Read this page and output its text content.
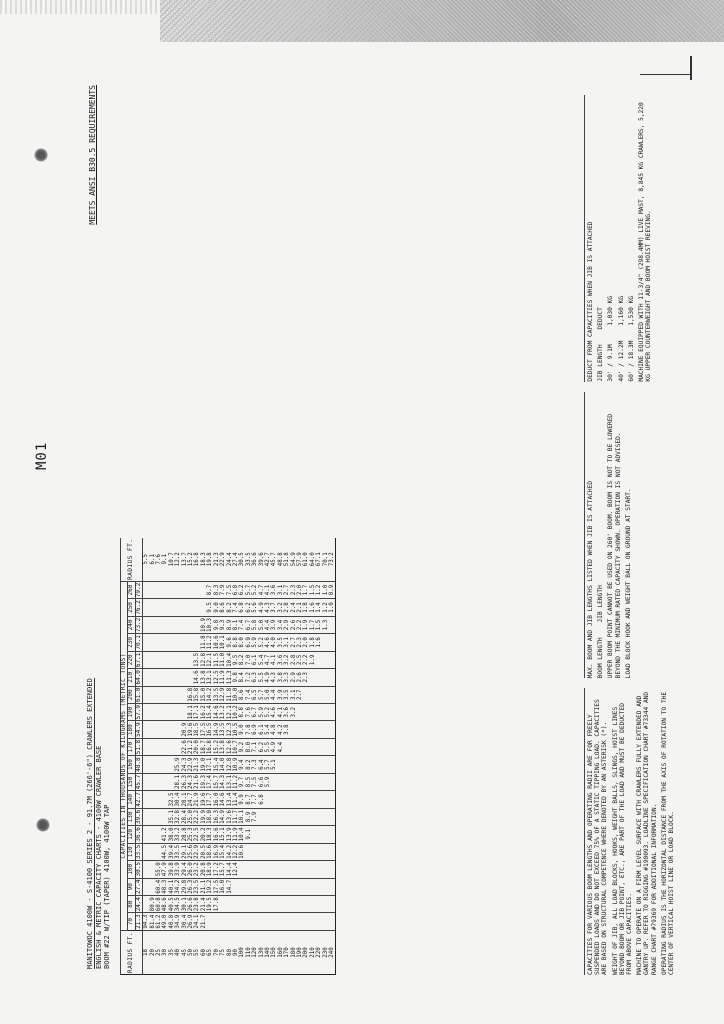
M01
MANITOWOC 4100W - S-4100 SERIES 2 - 91.7M (266'-6") CRAWLERS EXTENDED ENGLISH & METRIC CAPACITY CHARTS - 4100W CRAWLER BASE BOOM #22 W/TIP (TAPER) 4100W, 4100W TAP
MEETS ANSI B30.5 REQUIREMENTS
RADIUS FT.	CAPACITIES IN THOUSANDS OF KILOGRAMS (METRIC TONS)																				RADIUS FT.
	70	80	90	100	110	120	130	140	150	160	170	180	190	200	210	220	230	240	250	260	
	21.3	24.4	27.4	30.5	33.5	36.6	39.6	42.7	45.7	48.8	51.8	54.9	57.9	61.0	64.0	67.1	70.1	73.2	76.2	79.2	
18	94.3																				5.5
20	81.4	80.9																			6.1
25	61.2	60.8	60.4	55.0																	7.6
30	49.0	48.6	48.3	47.9	44.5	41.2															9.1
35	40.8	40.5	40.1	39.8	39.4	38.0	35.1	32.5													10.7
40	34.9	34.5	34.2	33.9	33.5	33.2	32.8	30.4	28.1	25.9											12.2
45	30.4	30.1	29.8	29.4	29.1	28.8	28.4	28.1	26.3	24.3	22.6	20.9									13.7
50	26.9	26.6	26.3	26.0	25.6	25.3	25.0	24.7	24.3	22.9	21.2	19.6	18.1	16.8							15.2
55	24.1	23.8	23.5	23.2	22.9	22.5	22.2	21.9	21.6	21.3	20.0	18.5	17.1	15.8	14.6	13.5					16.8
60	21.7	21.4	21.1	20.8	20.5	20.2	19.9	19.6	19.3	19.0	18.7	17.5	16.2	15.0	13.8	12.8	11.8	10.9			18.3
65		19.5	19.2	18.9	18.6	18.3	18.0	17.7	17.4	17.1	16.8	16.5	15.4	14.2	13.1	12.1	11.2	10.3	9.5	8.7	19.8
70		17.8	17.5	17.2	16.9	16.6	16.3	16.0	15.7	15.4	15.2	14.9	14.6	13.5	12.5	11.5	10.6	9.8	9.0	8.3	21.3
75			16.0	15.7	15.4	15.1	14.9	14.6	14.3	14.0	13.8	13.5	13.2	12.9	11.9	11.0	10.1	9.3	8.6	7.9	22.9
80			14.7	14.4	14.2	13.9	13.6	13.4	13.1	12.8	12.6	12.3	12.1	11.8	11.3	10.4	9.6	8.9	8.2	7.5	24.4
90				12.4	12.2	11.9	11.7	11.4	11.2	10.9	10.7	10.5	10.2	10.0	9.8	9.5	8.8	8.1	7.4	6.8	27.4
100					10.6	10.4	10.1	9.9	9.7	9.4	9.2	9.0	8.8	8.6	8.4	8.2	8.0	7.4	6.8	6.2	30.5
110						9.1	8.9	8.7	8.5	8.2	8.0	7.8	7.6	7.4	7.2	7.0	6.9	6.7	6.2	5.7	33.5
120							7.9	7.7	7.5	7.3	7.1	6.9	6.7	6.5	6.3	6.1	5.9	5.8	5.6	5.2	36.6
130								6.8	6.6	6.4	6.2	6.1	5.9	5.7	5.5	5.4	5.2	5.0	4.9	4.7	39.6
140									5.9	5.7	5.5	5.4	5.2	5.0	4.9	4.7	4.6	4.4	4.3	4.1	42.7
150										5.1	4.9	4.8	4.6	4.4	4.3	4.1	4.0	3.9	3.7	3.6	45.7
160											4.4	4.2	4.1	3.9	3.8	3.6	3.5	3.4	3.2	3.1	48.8
170												3.8	3.6	3.5	3.3	3.2	3.1	2.9	2.8	2.7	51.8
180													3.2	3.1	2.9	2.8	2.7	2.6	2.4	2.3	54.9
190														2.7	2.6	2.5	2.3	2.2	2.1	2.0	57.9
200															2.3	2.2	2.0	1.9	1.8	1.7	61.0
210																1.9	1.8	1.7	1.6	1.5	64.0
220																	1.6	1.5	1.4	1.2	67.1
230																		1.3	1.2	1.0	70.1
240																			1.0	0.9	73.2

CAPACITIES FOR VARIOUS BOOM LENGTHS AND OPERATING RADII ARE FOR FREELY SUSPENDED LOADS AND DO NOT EXCEED 75% OF A STATIC TIPPING LOAD. CAPACITIES ARE BASED ON STRUCTURAL COMPETENCE WHERE DENOTED BY AN ASTERISK (*). WEIGHT OF JIB, ALL LOAD BLOCKS, HOOKS, WEIGHT BALLS, SLINGS, HOIST LINES BEYOND BOOM OR JIB POINT, ETC., ARE PART OF THE LOAD AND MUST BE DEDUCTED FROM ABOVE CAPACITIES. MACHINE TO OPERATE ON A FIRM LEVEL SURFACE WITH CRAWLERS FULLY EXTENDED AND GANTRY UP. REFER TO RIGGING #190093. LOADLINE SPECIFICATION CHART #73344 AND RANGE CHART #79369 FOR ADDITIONAL INFORMATION. OPERATING RADIUS IS THE HORIZONTAL DISTANCE FROM THE AXIS OF ROTATION TO THE CENTER OF VERTICAL HOIST LINE OR LOAD BLOCK.

MAX. BOOM AND JIB LENGTHS LISTED WHEN JIB IS ATTACHED BOOM LENGTH    JIB LENGTH UPPER BOOM POINT CANNOT BE USED ON 260' BOOM. BOOM IS NOT TO BE LOWERED BEYOND THE MINIMUM RATED CAPACITY SHOWN. OPERATION IS NOT ADVISED. LOAD BLOCK HOOK AND WEIGHT BALL ON GROUND AT START.

DEDUCT FROM CAPACITIES WHEN JIB IS ATTACHED JIB LENGTH    DEDUCT 30' / 9.1M     1,030 KG 40' / 12.2M    1,160 KG 60' / 18.3M    1,530 KG MACHINE EQUIPPED WITH 11-3/4" (298.4MM) LIVE MAST, 8,845 KG CRAWLERS, 5,220 KG UPPER COUNTERWEIGHT AND BOOM HOIST REEVING.
